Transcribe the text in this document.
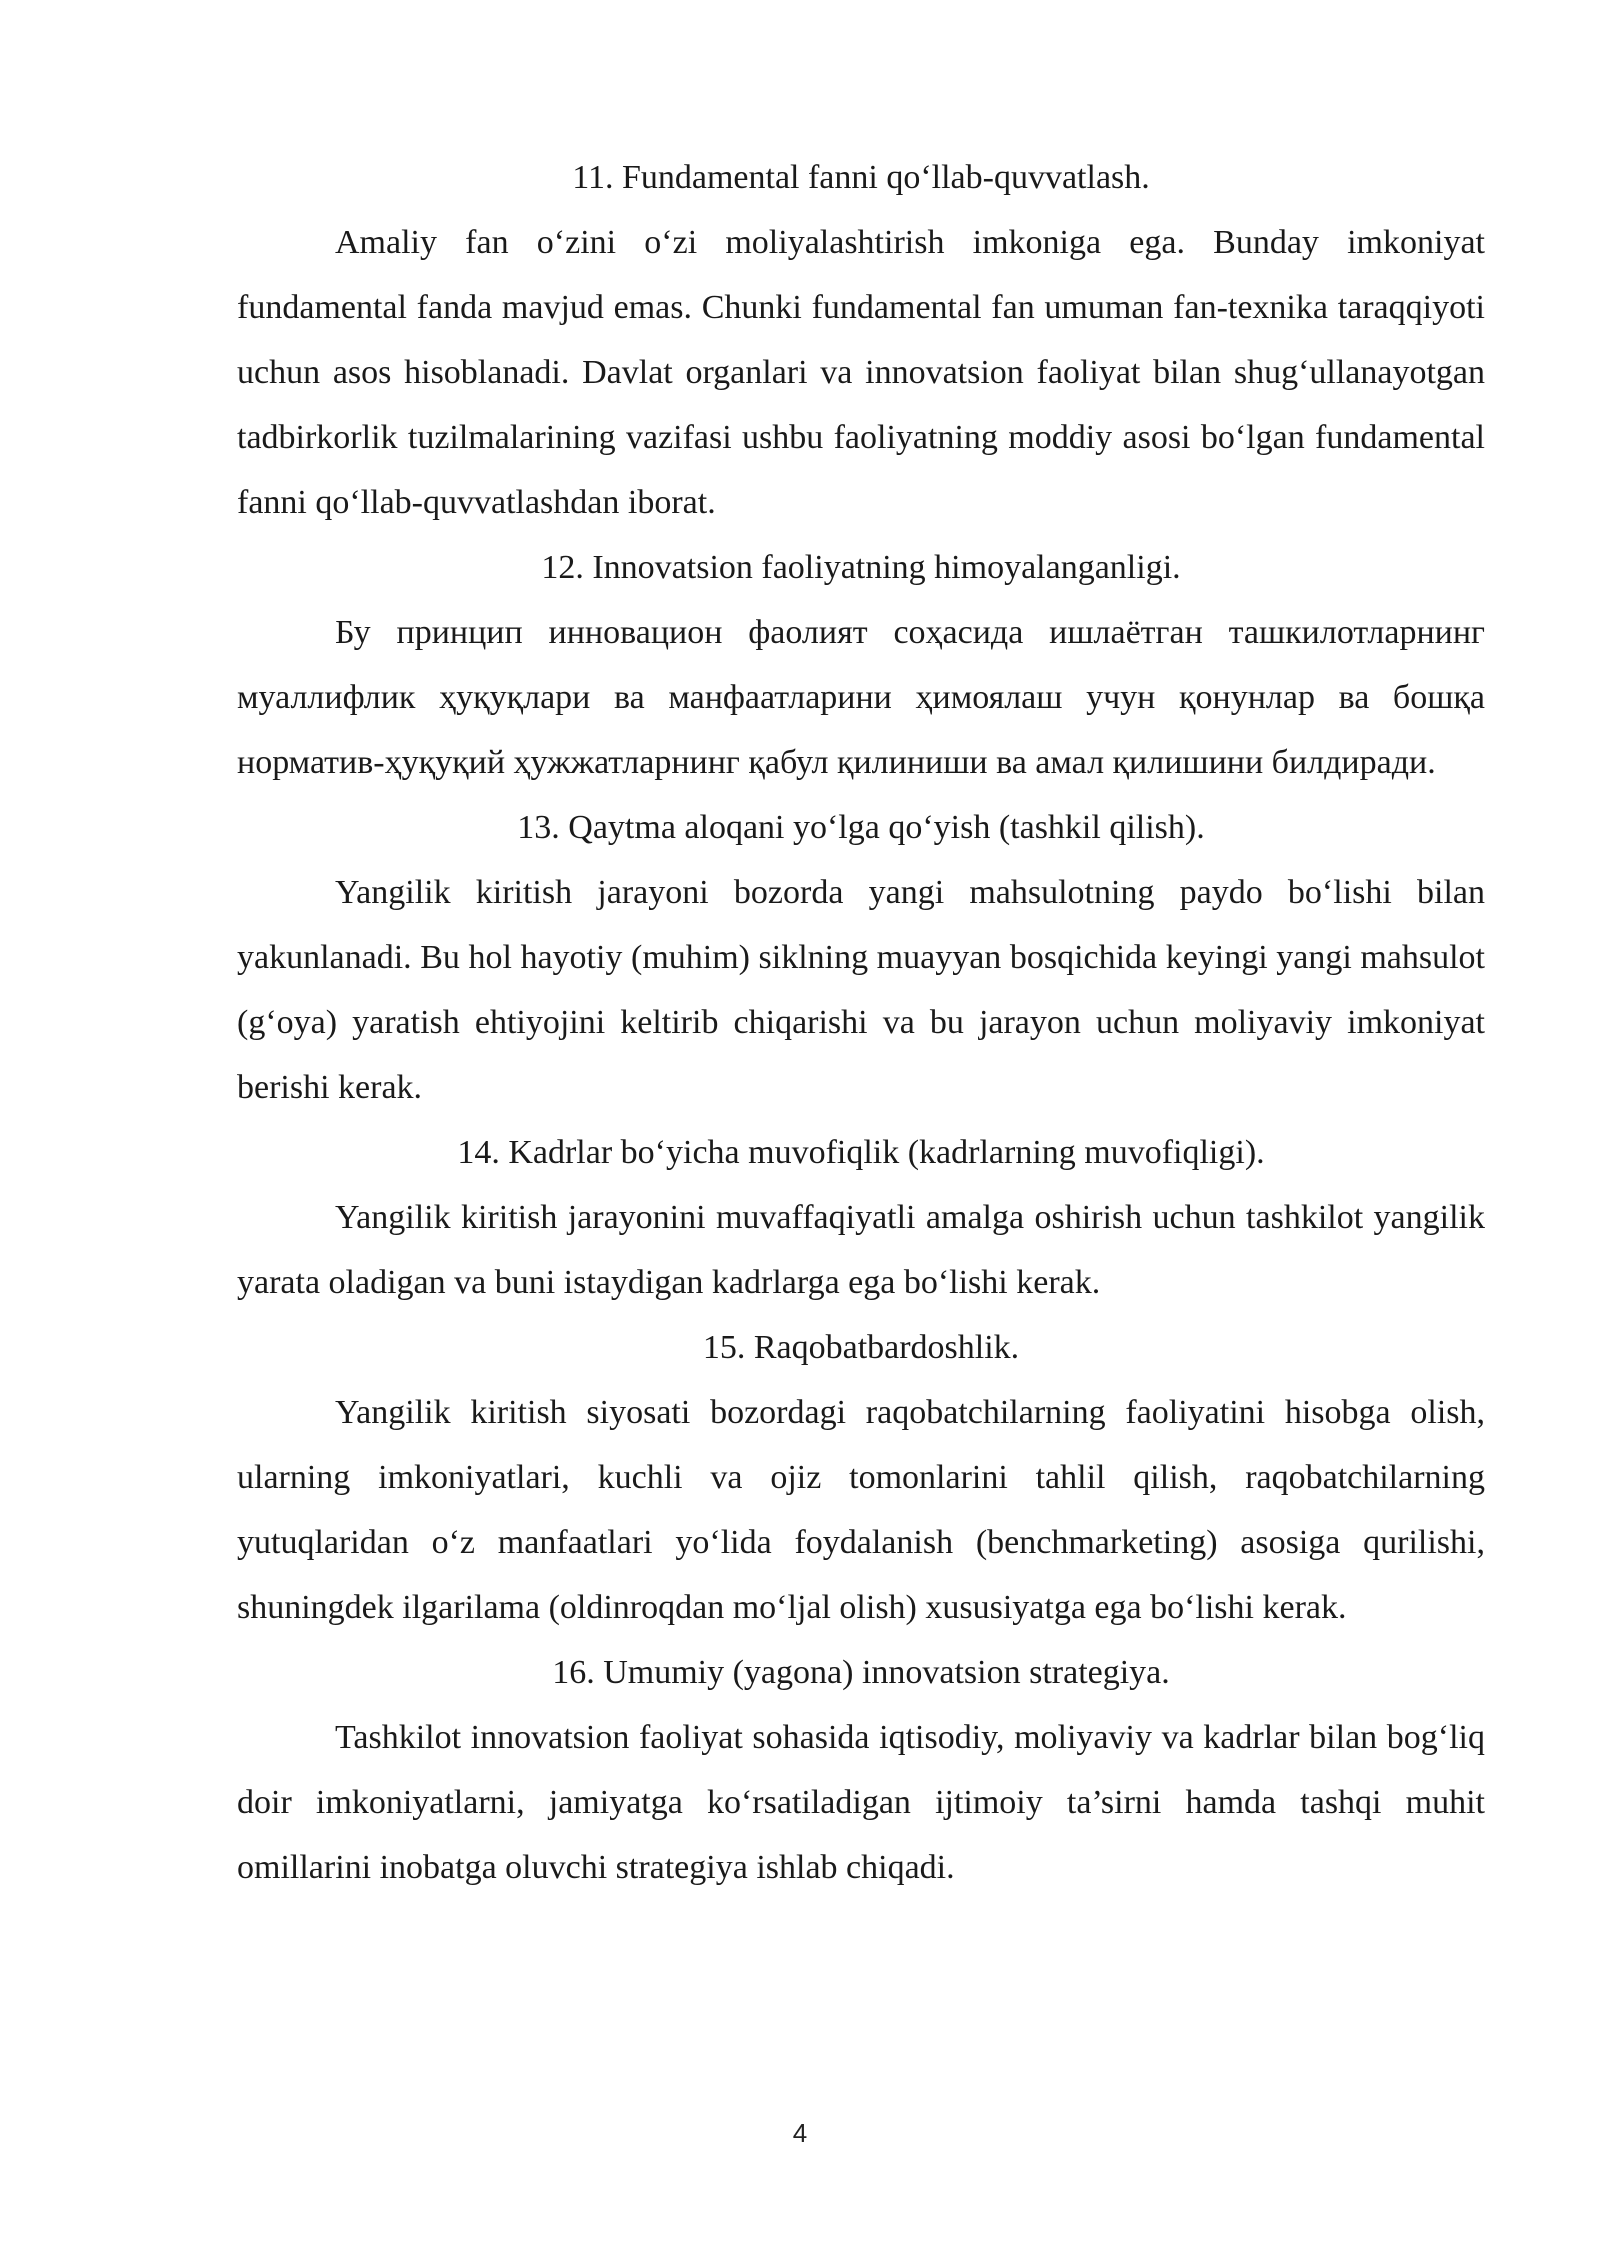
11. Fundamental fanni qo‘llab-quvvatlash.

Amaliy fan o‘zini o‘zi moliyalashtirish imkoniga ega. Bunday imkoniyat fundamental fanda mavjud emas. Chunki fundamental fan umuman fan-texnika taraqqiyoti uchun asos hisoblanadi. Davlat organlari va innovatsion faoliyat bilan shug‘ullanayotgan tadbirkorlik tuzilmalarining vazifasi ushbu faoliyatning moddiy asosi bo‘lgan fundamental fanni qo‘llab-quvvatlashdan iborat.

12. Innovatsion faoliyatning himoyalanganligi.

Бу принцип инновацион фаолият соҳасида ишлаётган ташкилотларнинг муаллифлик ҳуқуқлари ва манфаатларини ҳимоялаш учун қонунлар ва бошқа норматив-ҳуқуқий ҳужжатларнинг қабул қилиниши ва амал қилишини билдиради.

13. Qaytma aloqani yo‘lga qo‘yish (tashkil qilish).

Yangilik kiritish jarayoni bozorda yangi mahsulotning paydo bo‘lishi bilan yakunlanadi. Bu hol hayotiy (muhim) siklning muayyan bosqichida keyingi yangi mahsulot (g‘oya) yaratish ehtiyojini keltirib chiqarishi va bu jarayon uchun moliyaviy imkoniyat berishi kerak.

14. Kadrlar bo‘yicha muvofiqlik (kadrlarning muvofiqligi).

Yangilik kiritish jarayonini muvaffaqiyatli amalga oshirish uchun tashkilot yangilik yarata oladigan va buni istaydigan kadrlarga ega bo‘lishi kerak.

15. Raqobatbardoshlik.

Yangilik kiritish siyosati bozordagi raqobatchilarning faoliyatini hisobga olish, ularning imkoniyatlari, kuchli va ojiz tomonlarini tahlil qilish, raqobatchilarning yutuqlaridan o‘z manfaatlari yo‘lida foydalanish (benchmarketing) asosiga qurilishi, shuningdek ilgarilama (oldinroqdan mo‘ljal olish) xususiyatga ega bo‘lishi kerak.

16. Umumiy (yagona) innovatsion strategiya.

Tashkilot innovatsion faoliyat sohasida iqtisodiy, moliyaviy va kadrlar bilan bog‘liq doir imkoniyatlarni, jamiyatga ko‘rsatiladigan ijtimoiy ta’sirni hamda tashqi muhit omillarini inobatga oluvchi strategiya ishlab chiqadi.

4
